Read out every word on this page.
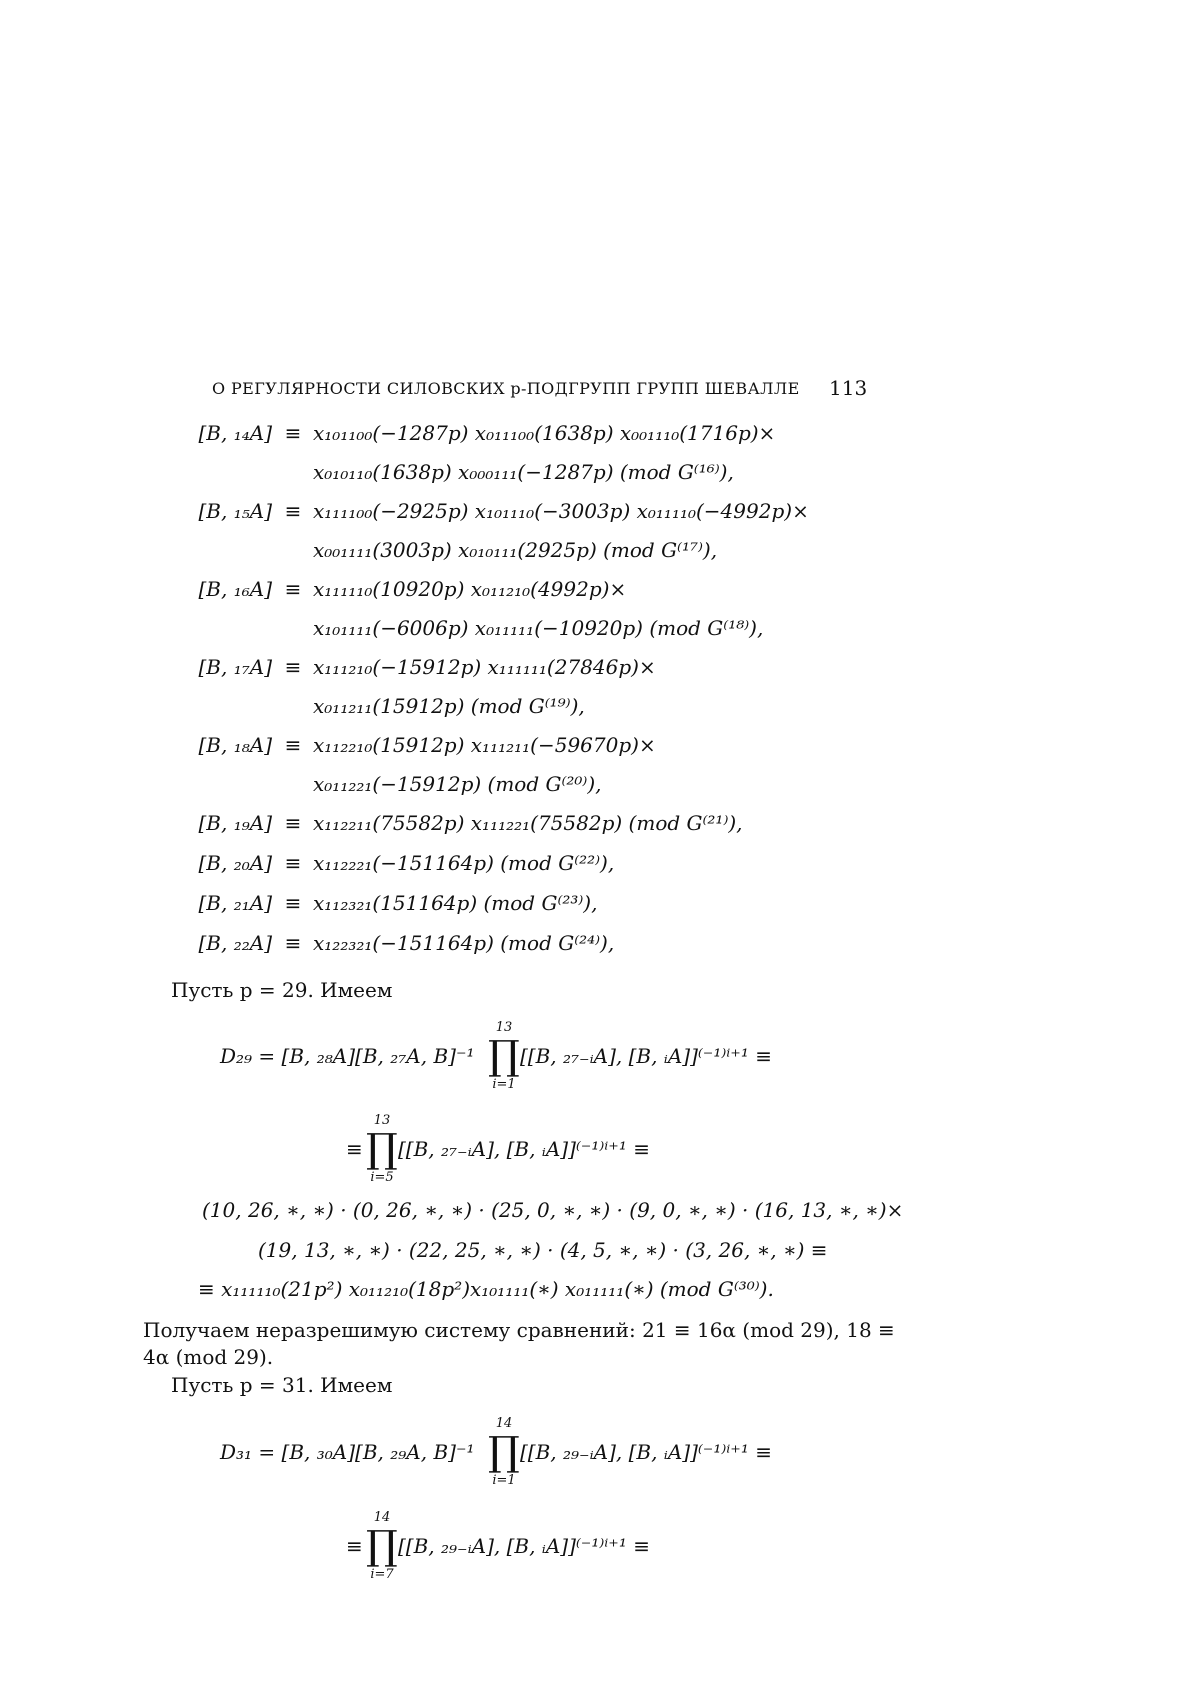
О РЕГУЛЯРНОСТИ СИЛОВСКИХ p-ПОДГРУПП ГРУПП ШЕВАЛЛЕ 113
[B, ₁₄A] ≡ x₁₀₁₁₀₀(−1287p) x₀₁₁₁₀₀(1638p) x₀₀₁₁₁₀(1716p)×
x₀₁₀₁₁₀(1638p) x₀₀₀₁₁₁(−1287p) (mod G⁽¹⁶⁾),
[B, ₁₅A] ≡ x₁₁₁₁₀₀(−2925p) x₁₀₁₁₁₀(−3003p) x₀₁₁₁₁₀(−4992p)×
x₀₀₁₁₁₁(3003p) x₀₁₀₁₁₁(2925p) (mod G⁽¹⁷⁾),
[B, ₁₆A] ≡ x₁₁₁₁₁₀(10920p) x₀₁₁₂₁₀(4992p)×
x₁₀₁₁₁₁(−6006p) x₀₁₁₁₁₁(−10920p) (mod G⁽¹⁸⁾),
[B, ₁₇A] ≡ x₁₁₁₂₁₀(−15912p) x₁₁₁₁₁₁(27846p)×
x₀₁₁₂₁₁(15912p) (mod G⁽¹⁹⁾),
[B, ₁₈A] ≡ x₁₁₂₂₁₀(15912p) x₁₁₁₂₁₁(−59670p)×
x₀₁₁₂₂₁(−15912p) (mod G⁽²⁰⁾),
[B, ₁₉A] ≡ x₁₁₂₂₁₁(75582p) x₁₁₁₂₂₁(75582p) (mod G⁽²¹⁾),
[B, ₂₀A] ≡ x₁₁₂₂₂₁(−151164p) (mod G⁽²²⁾),
[B, ₂₁A] ≡ x₁₁₂₃₂₁(151164p) (mod G⁽²³⁾),
[B, ₂₂A] ≡ x₁₂₂₃₂₁(−151164p) (mod G⁽²⁴⁾),
Пусть p = 29. Имеем
D₂₉ = [B, ₂₈A][B, ₂₇A, B]⁻¹
13
∏
i=1
[[B, ₂₇₋ᵢA], [B, ᵢA]]⁽⁻¹⁾ⁱ⁺¹ ≡
≡
13
∏
i=5
[[B, ₂₇₋ᵢA], [B, ᵢA]]⁽⁻¹⁾ⁱ⁺¹ ≡
(10, 26, ∗, ∗) · (0, 26, ∗, ∗) · (25, 0, ∗, ∗) · (9, 0, ∗, ∗) · (16, 13, ∗, ∗)×
(19, 13, ∗, ∗) · (22, 25, ∗, ∗) · (4, 5, ∗, ∗) · (3, 26, ∗, ∗) ≡
≡ x₁₁₁₁₁₀(21p²) x₀₁₁₂₁₀(18p²)x₁₀₁₁₁₁(∗) x₀₁₁₁₁₁(∗) (mod G⁽³⁰⁾).
Получаем неразрешимую систему сравнений: 21 ≡ 16α (mod 29), 18 ≡
4α (mod 29).
Пусть p = 31. Имеем
D₃₁ = [B, ₃₀A][B, ₂₉A, B]⁻¹
14
∏
i=1
[[B, ₂₉₋ᵢA], [B, ᵢA]]⁽⁻¹⁾ⁱ⁺¹ ≡
≡
14
∏
i=7
[[B, ₂₉₋ᵢA], [B, ᵢA]]⁽⁻¹⁾ⁱ⁺¹ ≡
